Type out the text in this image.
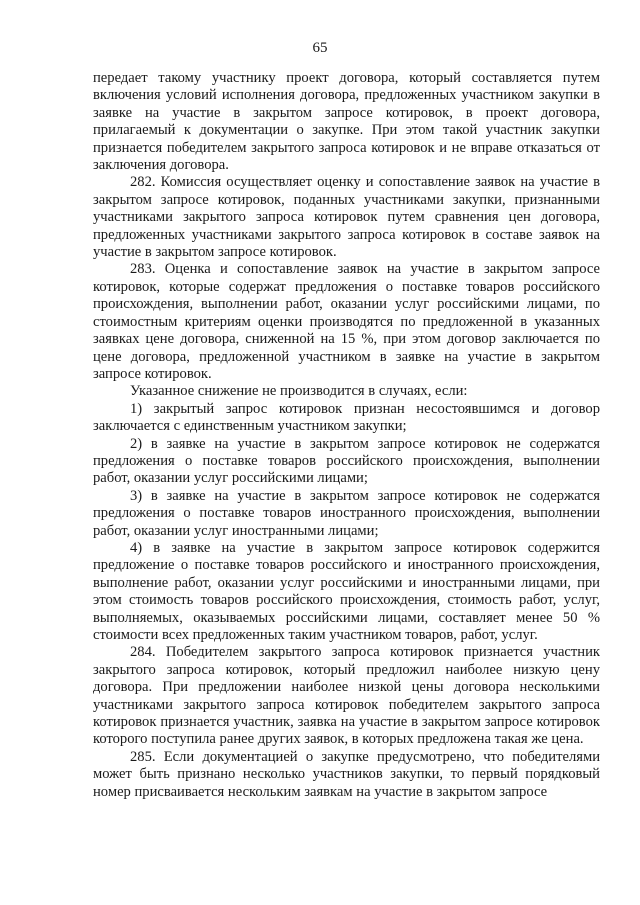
65

передает такому участнику проект договора, который составляется путем включения условий исполнения договора, предложенных участником закупки в заявке на участие в закрытом запросе котировок, в проект договора, прилагаемый к документации о закупке. При этом такой участник закупки признается победителем закрытого запроса котировок и не вправе отказаться от заключения договора.

282. Комиссия осуществляет оценку и сопоставление заявок на участие в закрытом запросе котировок, поданных участниками закупки, признанными участниками закрытого запроса котировок путем сравнения цен договора, предложенных участниками закрытого запроса котировок в составе заявок на участие в закрытом запросе котировок.

283. Оценка и сопоставление заявок на участие в закрытом запросе котировок, которые содержат предложения о поставке товаров российского происхождения, выполнении работ, оказании услуг российскими лицами, по стоимостным критериям оценки производятся по предложенной в указанных заявках цене договора, сниженной на 15 %, при этом договор заключается по цене договора, предложенной участником в заявке на участие в закрытом запросе котировок.

Указанное снижение не производится в случаях, если:

1) закрытый запрос котировок признан несостоявшимся и договор заключается с единственным участником закупки;

2) в заявке на участие в закрытом запросе котировок не содержатся предложения о поставке товаров российского происхождения, выполнении работ, оказании услуг российскими лицами;

3) в заявке на участие в закрытом запросе котировок не содержатся предложения о поставке товаров иностранного происхождения, выполнении работ, оказании услуг иностранными лицами;

4) в заявке на участие в закрытом запросе котировок содержится предложение о поставке товаров российского и иностранного происхождения, выполнение работ, оказании услуг российскими и иностранными лицами, при этом стоимость товаров российского происхождения, стоимость работ, услуг, выполняемых, оказываемых российскими лицами, составляет менее 50 % стоимости всех предложенных таким участником товаров, работ, услуг.

284. Победителем закрытого запроса котировок признается участник закрытого запроса котировок, который предложил наиболее низкую цену договора. При предложении наиболее низкой цены договора несколькими участниками закрытого запроса котировок победителем закрытого запроса котировок признается участник, заявка на участие в закрытом запросе котировок которого поступила ранее других заявок, в которых предложена такая же цена.

285. Если документацией о закупке предусмотрено, что победителями может быть признано несколько участников закупки, то первый порядковый номер присваивается нескольким заявкам на участие в закрытом запросе
